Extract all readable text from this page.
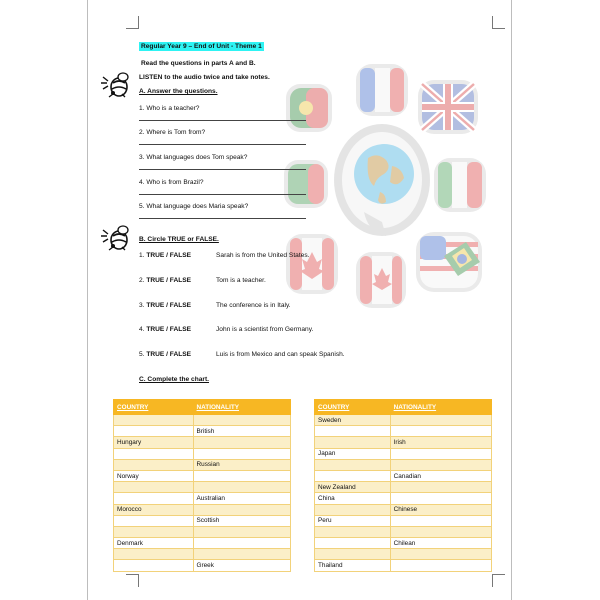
Regular Year 9 – End of Unit - Theme 1
Read the questions in parts A and B.
LISTEN to the audio twice and take notes.
A. Answer the questions.
1. Who is a teacher?
2. Where is Tom from?
3. What languages does Tom speak?
4. Who is from Brazil?
5. What language does Maria speak?
B. Circle TRUE or FALSE.
1. TRUE / FALSE	Sarah is from the United States.
2. TRUE / FALSE	Tom is a teacher.
3. TRUE / FALSE	The conference is in Italy.
4. TRUE / FALSE	John is a scientist from Germany.
5. TRUE / FALSE	Luis is from Mexico and can speak Spanish.
C. Complete the chart.
COUNTRY	NATIONALITY

	British
Hungary	

	Russian
Norway	

	Australian
Morocco	
	Scottish

Denmark	

	Greek
COUNTRY	NATIONALITY
Sweden	

	Irish
Japan	

	Canadian
New Zealand	
China	
	Chinese
Peru	

	Chilean

Thailand	
